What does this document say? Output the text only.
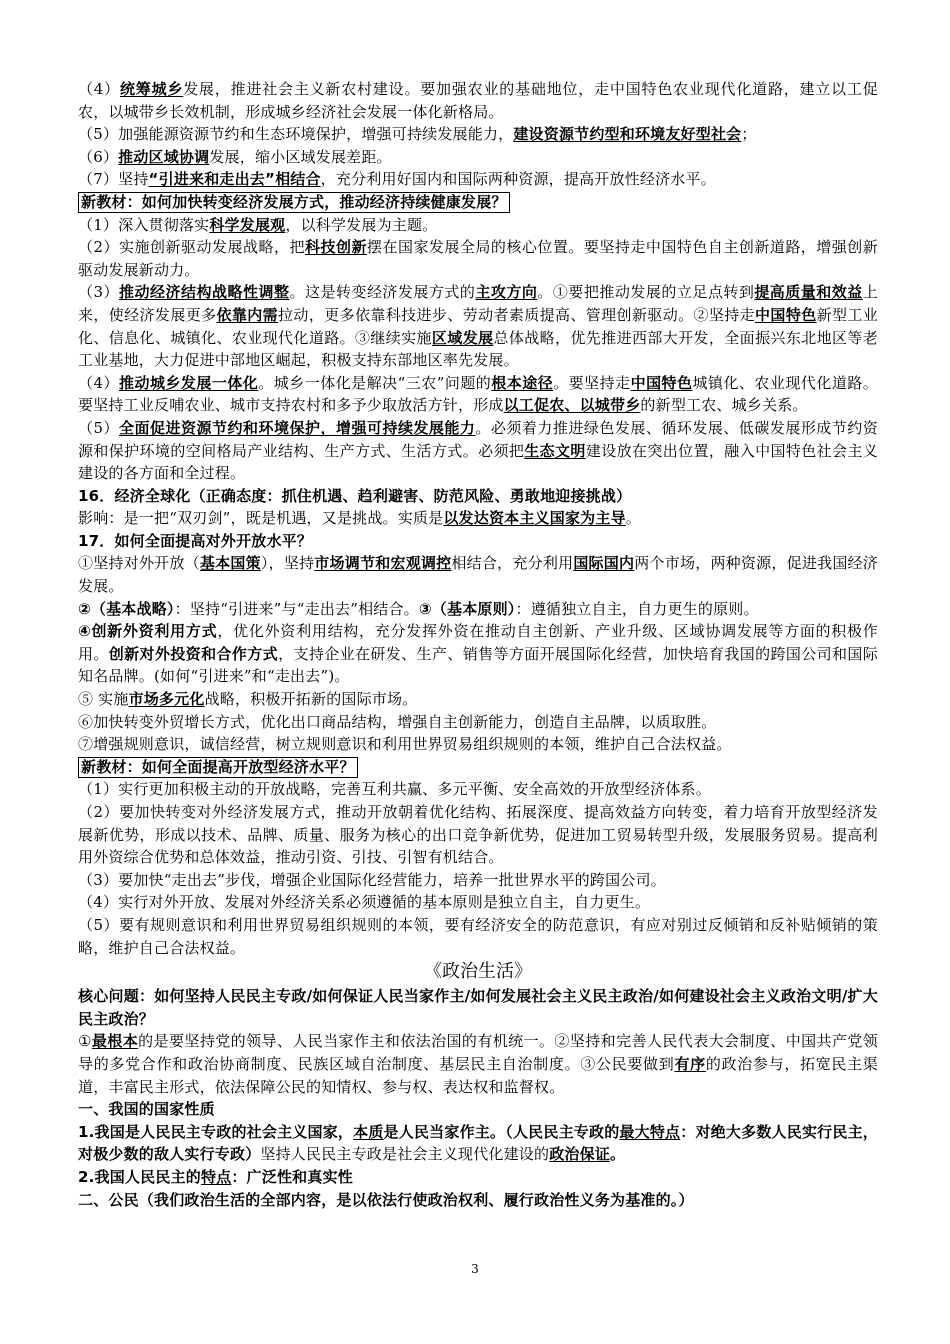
（4）统筹城乡发展，推进社会主义新农村建设。要加强农业的基础地位，走中国特色农业现代化道路，建立以工促农，以城带乡长效机制，形成城乡经济社会发展一体化新格局。

（5）加强能源资源节约和生态环境保护，增强可持续发展能力，建设资源节约型和环境友好型社会；

（6）推动区域协调发展，缩小区域发展差距。

（7）坚持“引进来和走出去”相结合，充分利用好国内和国际两种资源，提高开放性经济水平。

新教材：如何加快转变经济发展方式，推动经济持续健康发展？

（1）深入贯彻落实科学发展观，以科学发展为主题。

（2）实施创新驱动发展战略，把科技创新摆在国家发展全局的核心位置。要坚持走中国特色自主创新道路，增强创新驱动发展新动力。

（3）推动经济结构战略性调整。这是转变经济发展方式的主攻方向。①要把推动发展的立足点转到提高质量和效益上来，使经济发展更多依靠内需拉动，更多依靠科技进步、劳动者素质提高、管理创新驱动。②坚持走中国特色新型工业化、信息化、城镇化、农业现代化道路。③继续实施区域发展总体战略，优先推进西部大开发，全面振兴东北地区等老工业基地，大力促进中部地区崛起，积极支持东部地区率先发展。

（4）推动城乡发展一体化。城乡一体化是解决“三农”问题的根本途径。要坚持走中国特色城镇化、农业现代化道路。要坚持工业反哺农业、城市支持农村和多予少取放活方针，形成以工促农、以城带乡的新型工农、城乡关系。

（5）全面促进资源节约和环境保护，增强可持续发展能力。必须着力推进绿色发展、循环发展、低碳发展形成节约资源和保护环境的空间格局产业结构、生产方式、生活方式。必须把生态文明建设放在突出位置，融入中国特色社会主义建设的各方面和全过程。

16．经济全球化（正确态度：抓住机遇、趋利避害、防范风险、勇敢地迎接挑战）

影响：是一把“双刃剑”，既是机遇，又是挑战。实质是以发达资本主义国家为主导。

17．如何全面提高对外开放水平？

①坚持对外开放（基本国策），坚持市场调节和宏观调控相结合，充分利用国际国内两个市场，两种资源，促进我国经济发展。

②（基本战略）：坚持“引进来”与“走出去”相结合。③（基本原则）：遵循独立自主，自力更生的原则。

④创新外资利用方式，优化外资利用结构，充分发挥外资在推动自主创新、产业升级、区域协调发展等方面的积极作用。创新对外投资和合作方式，支持企业在研发、生产、销售等方面开展国际化经营，加快培育我国的跨国公司和国际知名品牌。(如何“引进来”和“走出去”)。

⑤ 实施市场多元化战略，积极开拓新的国际市场。

⑥加快转变外贸增长方式，优化出口商品结构，增强自主创新能力，创造自主品牌，以质取胜。

⑦增强规则意识，诚信经营，树立规则意识和利用世界贸易组织规则的本领，维护自己合法权益。

新教材：如何全面提高开放型经济水平？

（1）实行更加积极主动的开放战略，完善互利共赢、多元平衡、安全高效的开放型经济体系。

（2）要加快转变对外经济发展方式，推动开放朝着优化结构、拓展深度、提高效益方向转变，着力培育开放型经济发展新优势，形成以技术、品牌、质量、服务为核心的出口竞争新优势，促进加工贸易转型升级，发展服务贸易。提高利用外资综合优势和总体效益，推动引资、引技、引智有机结合。

（3）要加快“走出去”步伐，增强企业国际化经营能力，培养一批世界水平的跨国公司。

（4）实行对外开放、发展对外经济关系必须遵循的基本原则是独立自主，自力更生。

（5）要有规则意识和利用世界贸易组织规则的本领，要有经济安全的防范意识，有应对别过反倾销和反补贴倾销的策略，维护自己合法权益。

《政治生活》

核心问题：如何坚持人民民主专政/如何保证人民当家作主/如何发展社会主义民主政治/如何建设社会主义政治文明/扩大民主政治？

①最根本的是要坚持党的领导、人民当家作主和依法治国的有机统一。②坚持和完善人民代表大会制度、中国共产党领导的多党合作和政治协商制度、民族区域自治制度、基层民主自治制度。③公民要做到有序的政治参与，拓宽民主渠道，丰富民主形式，依法保障公民的知情权、参与权、表达权和监督权。

一、我国的国家性质

1.我国是人民民主专政的社会主义国家，本质是人民当家作主。（人民民主专政的最大特点：对绝大多数人民实行民主，对极少数的敌人实行专政）坚持人民民主专政是社会主义现代化建设的政治保证。

2.我国人民民主的特点：广泛性和真实性

二、公民（我们政治生活的全部内容，是以依法行使政治权利、履行政治性义务为基准的。）

3
